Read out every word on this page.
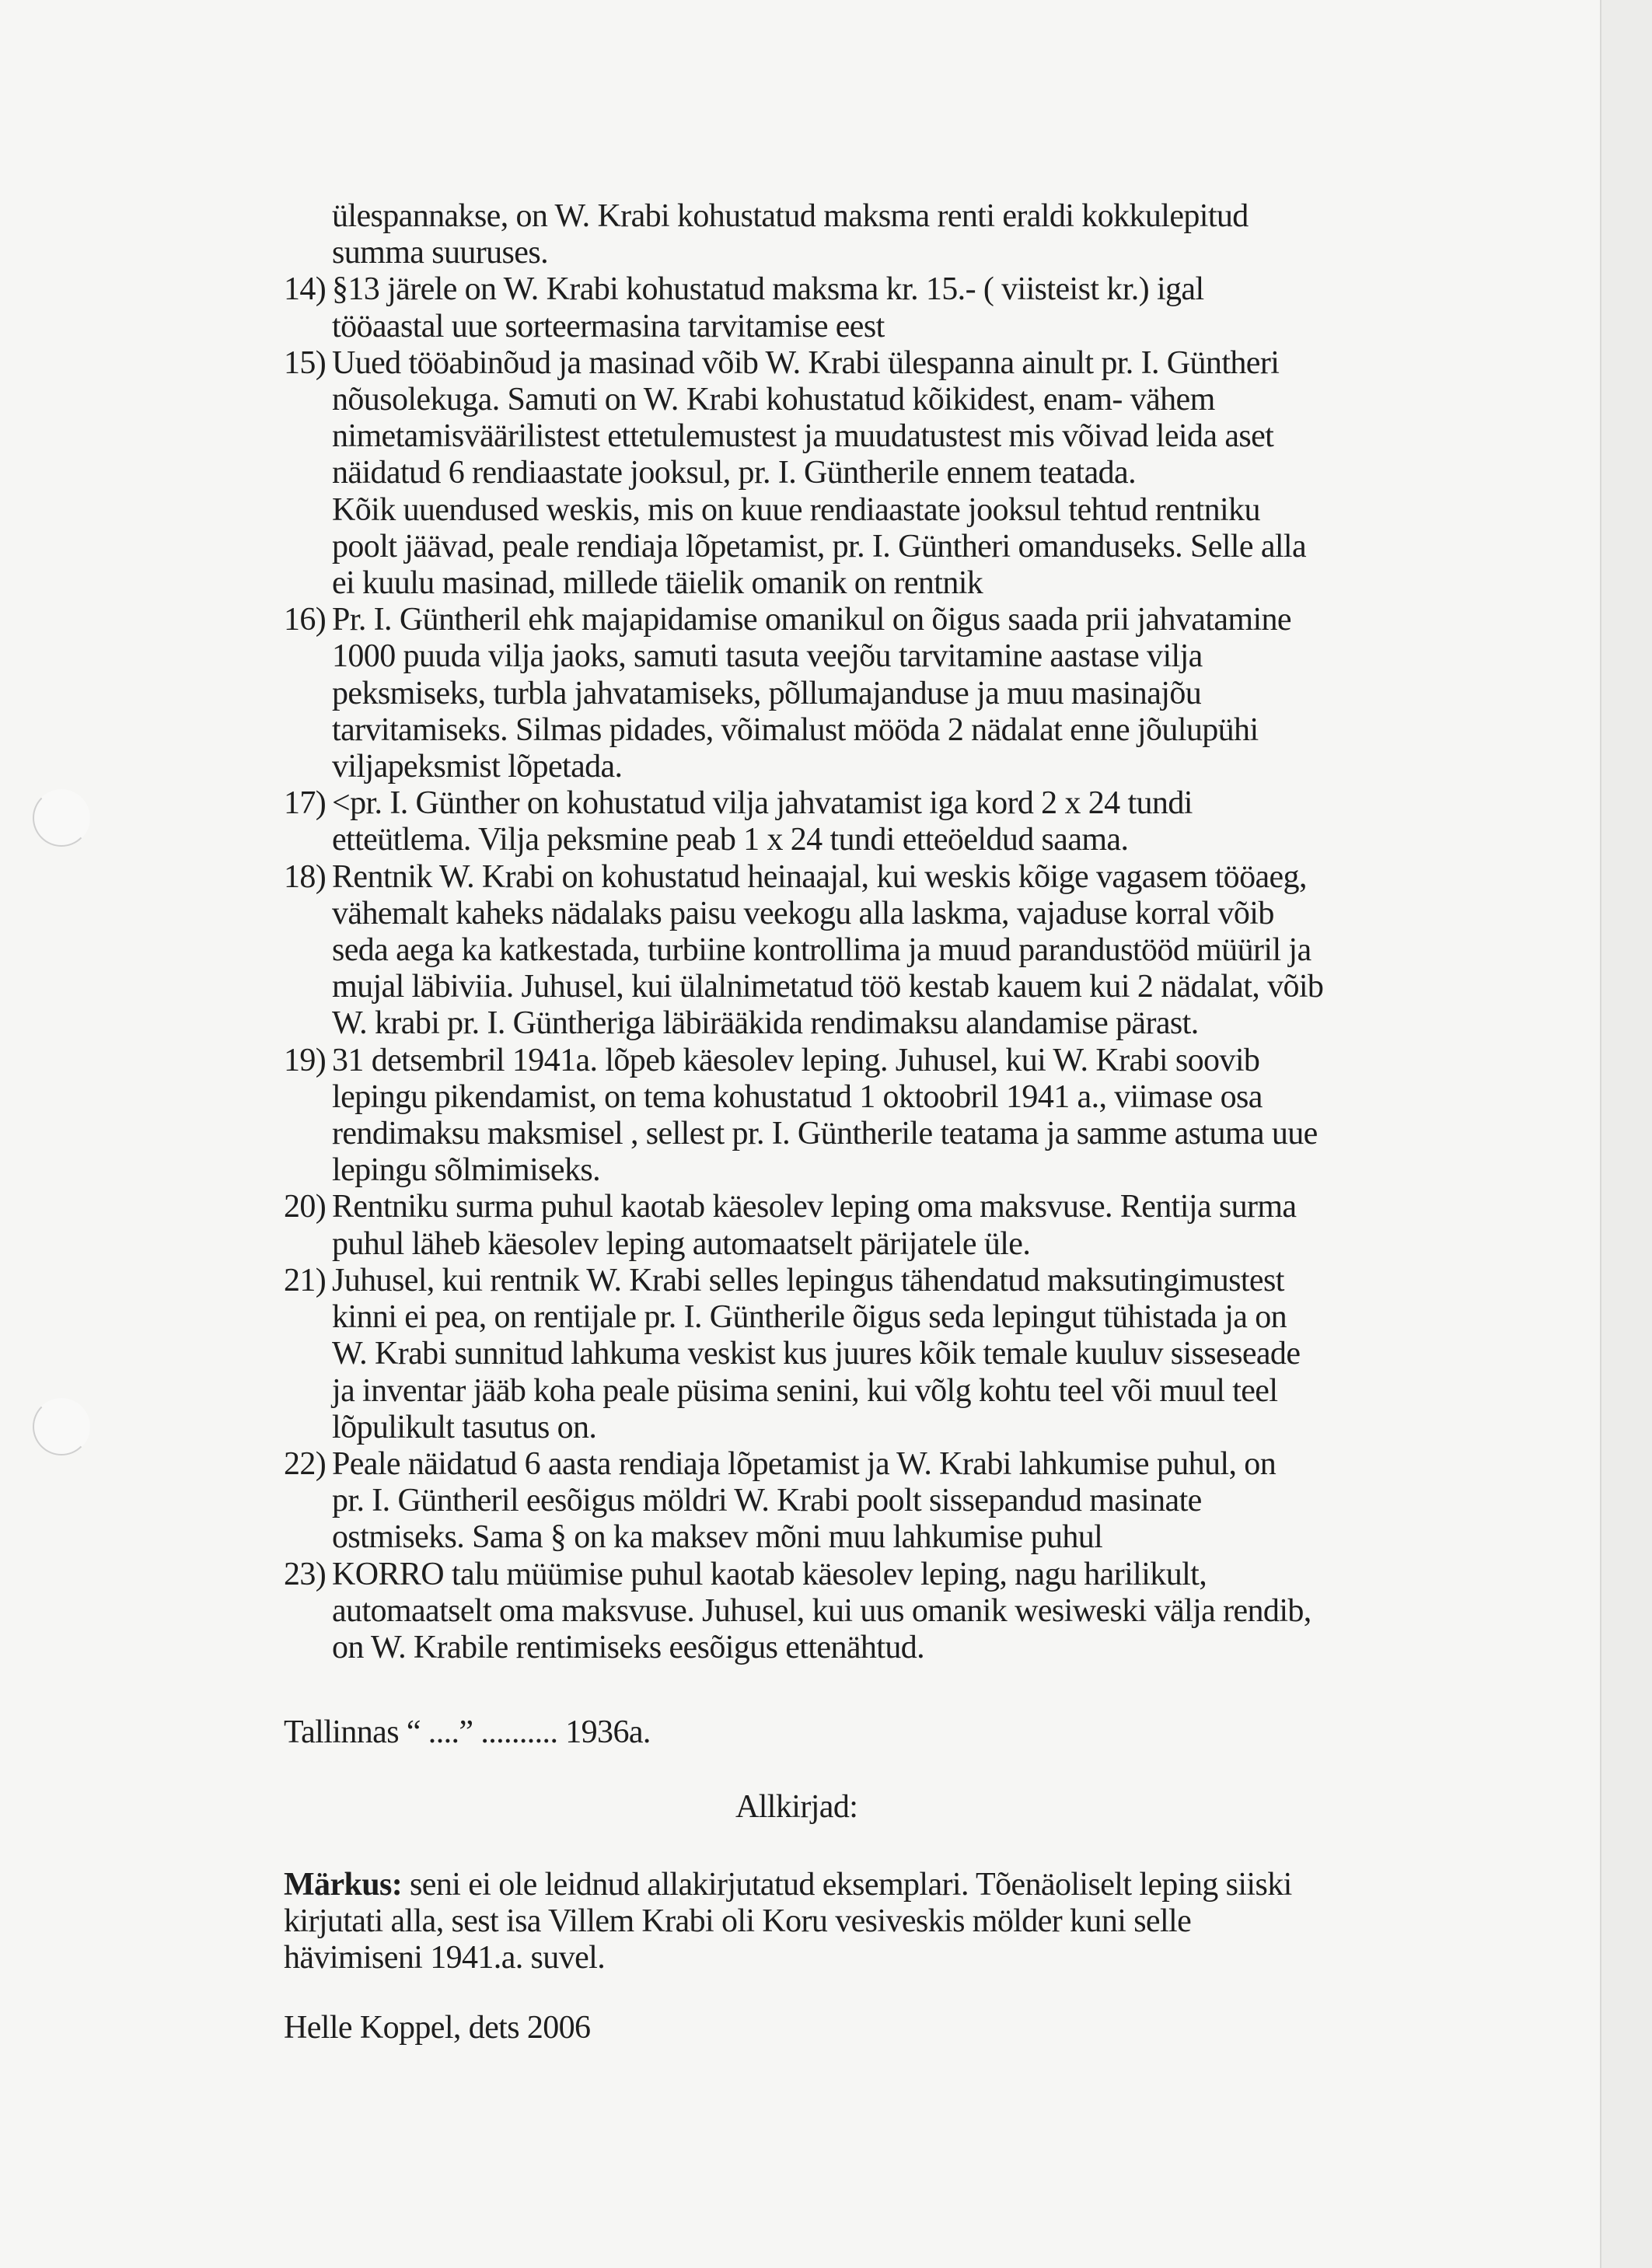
ülespannakse, on W. Krabi kohustatud maksma renti eraldi kokkulepitud
summa suuruses.
14) §13 järele on W. Krabi kohustatud maksma kr. 15.- ( viisteist kr.) igal
tööaastal uue sorteermasina tarvitamise eest
15) Uued tööabinõud ja masinad võib W. Krabi ülespanna ainult pr. I. Güntheri
nõusolekuga. Samuti on W. Krabi kohustatud kõikidest, enam- vähem
nimetamisväärilistest ettetulemustest ja muudatustest mis võivad leida aset
näidatud 6 rendiaastate jooksul, pr. I. Güntherile ennem teatada.
Kõik uuendused weskis, mis on kuue rendiaastate jooksul tehtud rentniku
poolt jäävad, peale rendiaja lõpetamist, pr. I. Güntheri omanduseks. Selle alla
ei kuulu masinad, millede täielik omanik on rentnik
16) Pr. I. Güntheril ehk majapidamise omanikul on õigus saada prii jahvatamine
1000 puuda vilja jaoks, samuti tasuta veejõu tarvitamine aastase vilja
peksmiseks, turbla jahvatamiseks, põllumajanduse ja muu masinajõu
tarvitamiseks. Silmas pidades, võimalust mööda 2 nädalat enne jõulupühi
viljapeksmist lõpetada.
17) <pr. I. Günther on kohustatud vilja jahvatamist iga kord 2 x 24 tundi
etteütlema. Vilja peksmine peab 1 x 24 tundi etteöeldud saama.
18) Rentnik W. Krabi on kohustatud heinaajal, kui weskis kõige vagasem tööaeg,
vähemalt kaheks nädalaks paisu veekogu alla laskma, vajaduse korral võib
seda aega ka katkestada, turbiine kontrollima ja muud parandustööd müüril ja
mujal läbiviia. Juhusel, kui ülalnimetatud töö kestab kauem kui 2 nädalat, võib
W. krabi pr. I. Güntheriga läbirääkida rendimaksu alandamise pärast.
19) 31 detsembril 1941a. lõpeb käesolev leping. Juhusel, kui W. Krabi soovib
lepingu pikendamist, on tema kohustatud 1 oktoobril 1941 a., viimase osa
rendimaksu maksmisel , sellest pr. I. Güntherile teatama ja samme astuma uue
lepingu sõlmimiseks.
20) Rentniku surma puhul kaotab käesolev leping oma maksvuse. Rentija surma
puhul läheb käesolev leping automaatselt pärijatele üle.
21) Juhusel, kui rentnik W. Krabi selles lepingus tähendatud maksutingimustest
kinni ei pea, on rentijale pr. I. Güntherile õigus seda lepingut tühistada ja on
W. Krabi sunnitud lahkuma veskist kus juures kõik temale kuuluv sisseseade
ja inventar jääb koha peale püsima senini, kui võlg kohtu teel või muul teel
lõpulikult tasutus on.
22) Peale näidatud 6 aasta rendiaja lõpetamist ja W. Krabi lahkumise puhul, on
pr. I. Güntheril eesõigus möldri W. Krabi poolt sissepandud masinate
ostmiseks. Sama § on ka maksev mõni muu lahkumise puhul
23) KORRO talu müümise puhul kaotab käesolev leping, nagu harilikult,
automaatselt oma maksvuse. Juhusel, kui uus omanik wesiweski välja rendib,
on W. Krabile rentimiseks eesõigus ettenähtud.
Tallinnas “ ....” .......... 1936a.
Allkirjad:
Märkus: seni ei ole leidnud allakirjutatud eksemplari. Tõenäoliselt leping siiski
kirjutati alla, sest isa Villem Krabi oli Koru vesiveskis mölder kuni selle
hävimiseni 1941.a. suvel.
Helle Koppel, dets 2006
